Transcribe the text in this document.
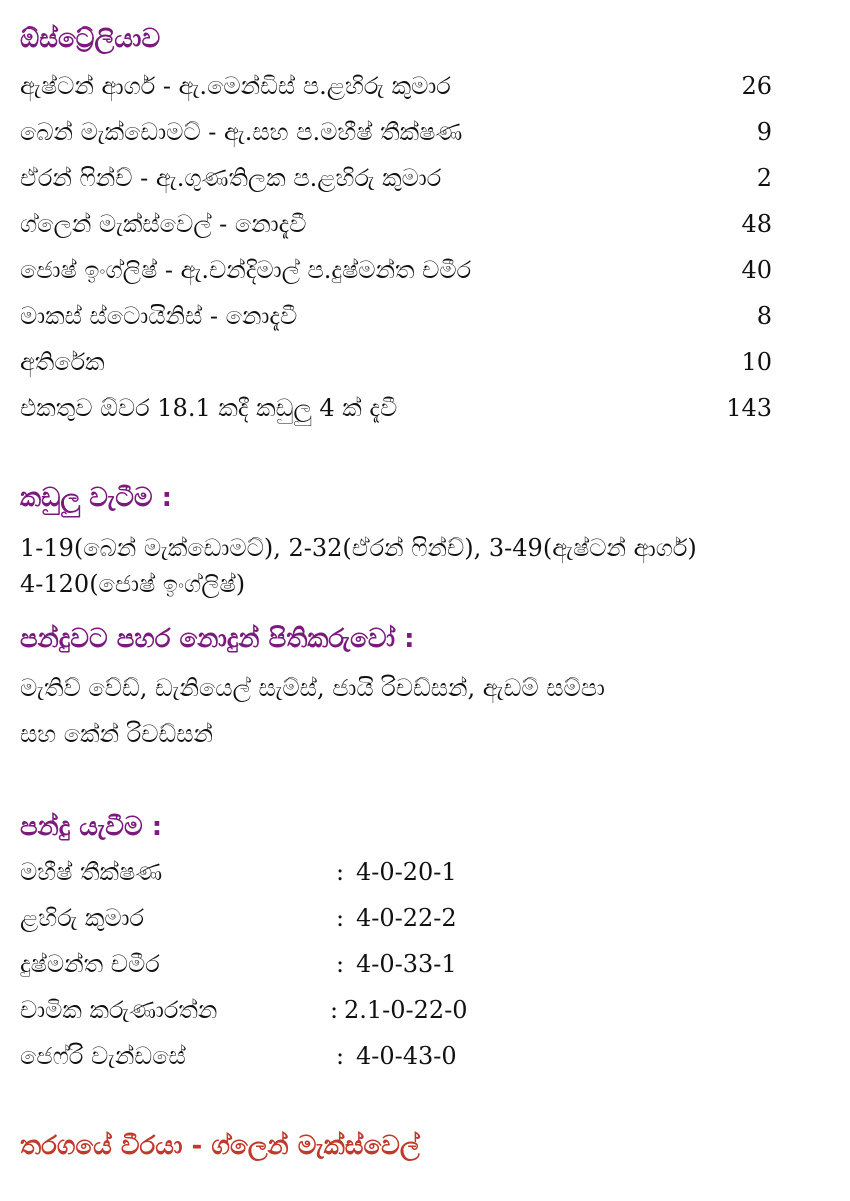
ඕස්ට්‍රේලියාව
ඇෂ්ටන් ආගර් - ඇ.මෙන්ඩිස් ප.ළහිරු කුමාර	26
බෙන් මැක්ඩොමට් - ඇ.සහ ප.මහීෂ් තීක්ෂණ	9
ඒරන් ෆින්ච් - ඇ.ගුණතිලක ප.ළහිරු කුමාර	2
ග්ලෙන් මැක්ස්වෙල් - නොදැවී	48
ජොෂ් ඉංග්ලිෂ් - ඇ.චන්දිමාල් ප.දුෂ්මන්ත චමීර	40
මාකස් ස්ටොයිනිස් - නොදැවී	8
අතිරේක	10
එකතුව ඕවර 18.1 කදී කඩුලු 4 ක් දැවී	143
කඩුලු වැටීම :
1-19(බෙන් මැක්ඩොමට්), 2-32(ඒරන් ෆින්ච්), 3-49(ඇෂ්ටන් ආගර්)
4-120(ජොෂ් ඉංග්ලිෂ්)
පන්දුවට පහර නොදුන් පිතිකරුවෝ :
මැතිව් වේඩ්, ඩැනියෙල් සැම්ස්, ජායි රිචඩ්සන්, ඇඩම් සම්පා
සහ කේන් රිචඩ්සන්
පන්දු යැවීම :
මහීෂ් තීක්ෂණ	: 4-0-20-1
ළහිරු කුමාර	: 4-0-22-2
දුෂ්මන්ත චමීර	: 4-0-33-1
චාමික කරුණාරත්න	: 2.1-0-22-0
ජෙෆ්රි වැන්ඩසේ	: 4-0-43-0
තරගයේ වීරයා - ග්ලෙන් මැක්ස්වෙල්
